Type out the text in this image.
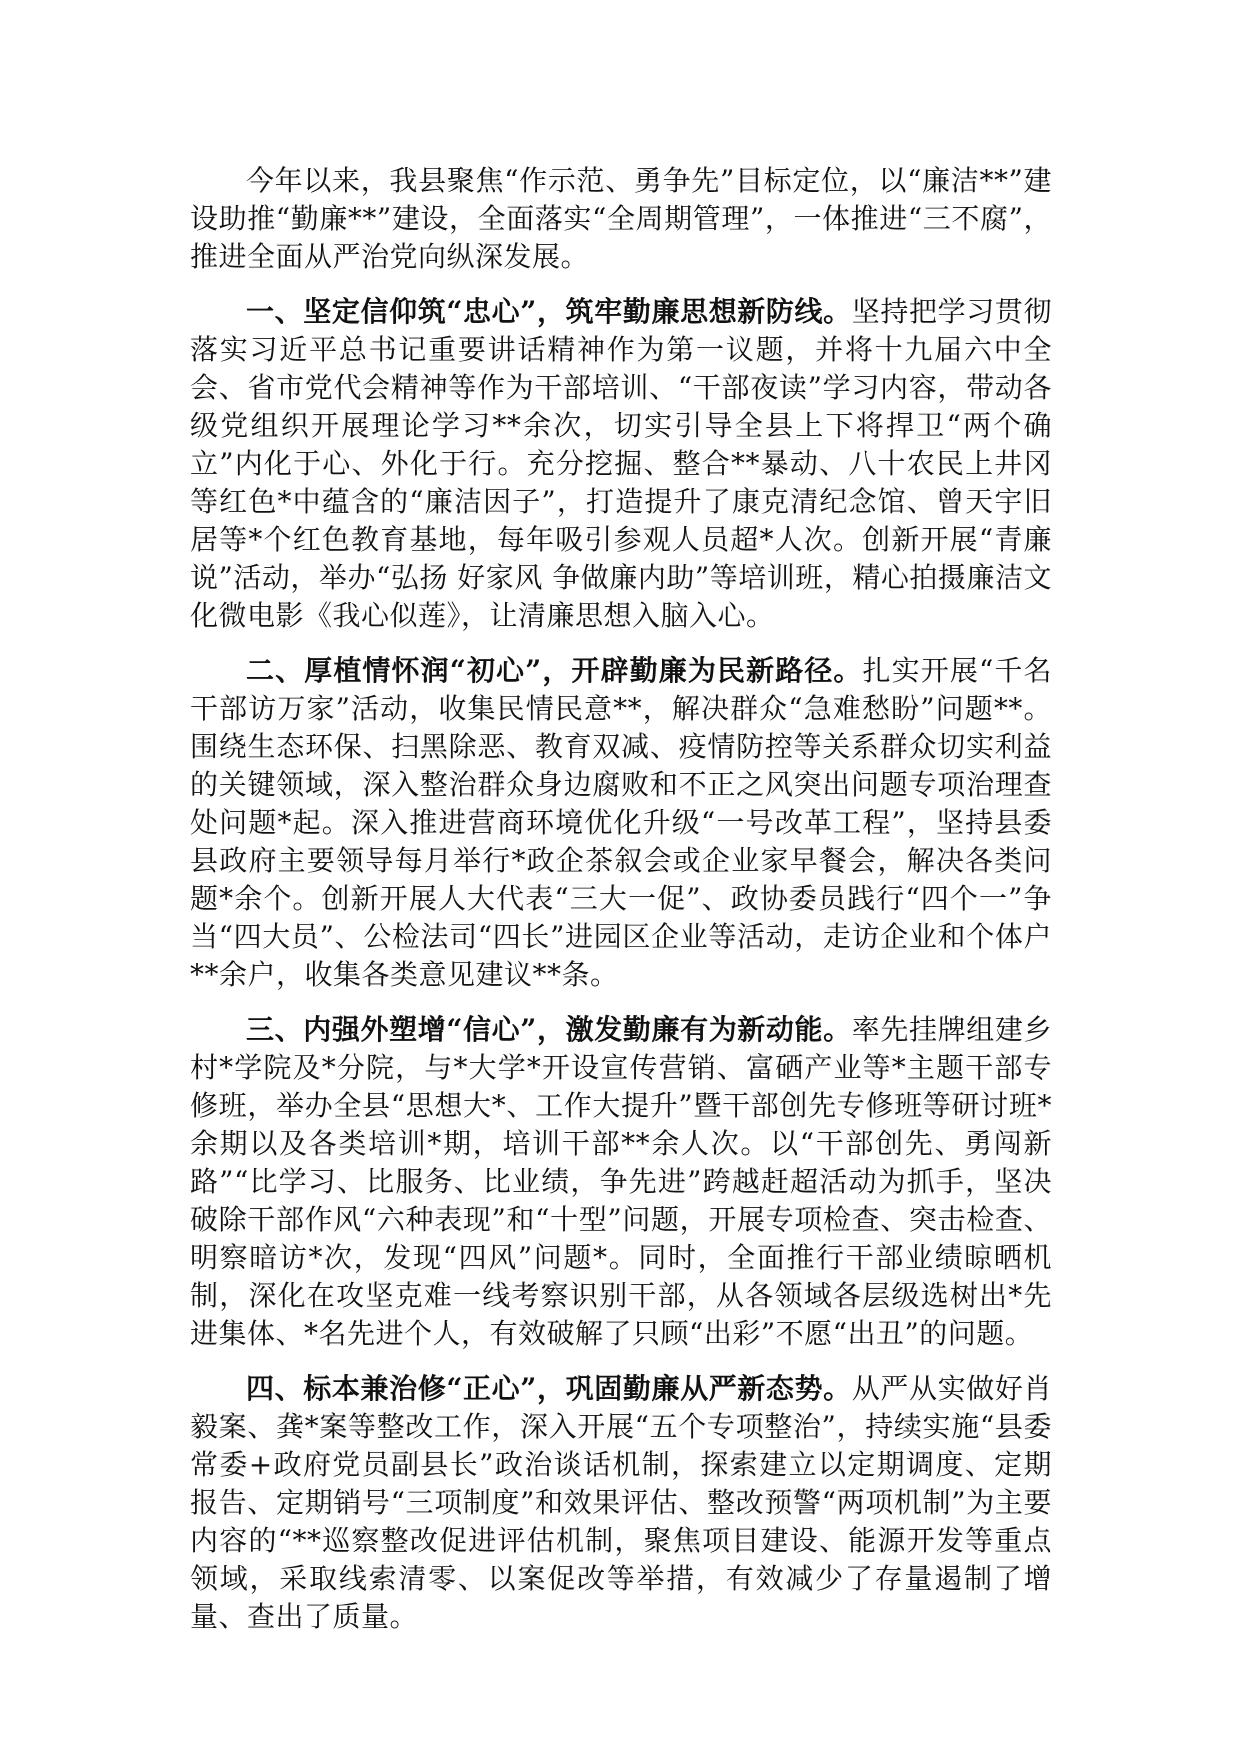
今年以来，我县聚焦“作示范、勇争先”目标定位，以“廉洁**”建设助推“勤廉**”建设，全面落实“全周期管理”，一体推进“三不腐”，推进全面从严治党向纵深发展。

一、坚定信仰筑“忠心”，筑牢勤廉思想新防线。坚持把学习贯彻落实习近平总书记重要讲话精神作为第一议题，并将十九届六中全会、省市党代会精神等作为干部培训、“干部夜读”学习内容，带动各级党组织开展理论学习**余次，切实引导全县上下将捍卫“两个确立”内化于心、外化于行。充分挖掘、整合**暴动、八十农民上井冈等红色*中蕴含的“廉洁因子”，打造提升了康克清纪念馆、曾天宇旧居等*个红色教育基地，每年吸引参观人员超*人次。创新开展“青廉说”活动，举办“弘扬 好家风 争做廉内助”等培训班，精心拍摄廉洁文化微电影《我心似莲》，让清廉思想入脑入心。

二、厚植情怀润“初心”，开辟勤廉为民新路径。扎实开展“千名干部访万家”活动，收集民情民意**，解决群众“急难愁盼”问题**。围绕生态环保、扫黑除恶、教育双减、疫情防控等关系群众切实利益的关键领域，深入整治群众身边腐败和不正之风突出问题专项治理查处问题*起。深入推进营商环境优化升级“一号改革工程”，坚持县委县政府主要领导每月举行*政企茶叙会或企业家早餐会，解决各类问题*余个。创新开展人大代表“三大一促”、政协委员践行“四个一”争当“四大员”、公检法司“四长”进园区企业等活动，走访企业和个体户**余户，收集各类意见建议**条。

三、内强外塑增“信心”，激发勤廉有为新动能。率先挂牌组建乡村*学院及*分院，与*大学*开设宣传营销、富硒产业等*主题干部专修班，举办全县“思想大*、工作大提升”暨干部创先专修班等研讨班*余期以及各类培训*期，培训干部**余人次。以“干部创先、勇闯新路”“比学习、比服务、比业绩，争先进”跨越赶超活动为抓手，坚决破除干部作风“六种表现”和“十型”问题，开展专项检查、突击检查、明察暗访*次，发现“四风”问题*。同时，全面推行干部业绩晾晒机制，深化在攻坚克难一线考察识别干部，从各领域各层级选树出*先进集体、*名先进个人，有效破解了只顾“出彩”不愿“出丑”的问题。

四、标本兼治修“正心”，巩固勤廉从严新态势。从严从实做好肖毅案、龚*案等整改工作，深入开展“五个专项整治”，持续实施“县委常委+政府党员副县长”政治谈话机制，探索建立以定期调度、定期报告、定期销号“三项制度”和效果评估、整改预警“两项机制”为主要内容的“**巡察整改促进评估机制，聚焦项目建设、能源开发等重点领域，采取线索清零、以案促改等举措，有效减少了存量遏制了增量、查出了质量。
